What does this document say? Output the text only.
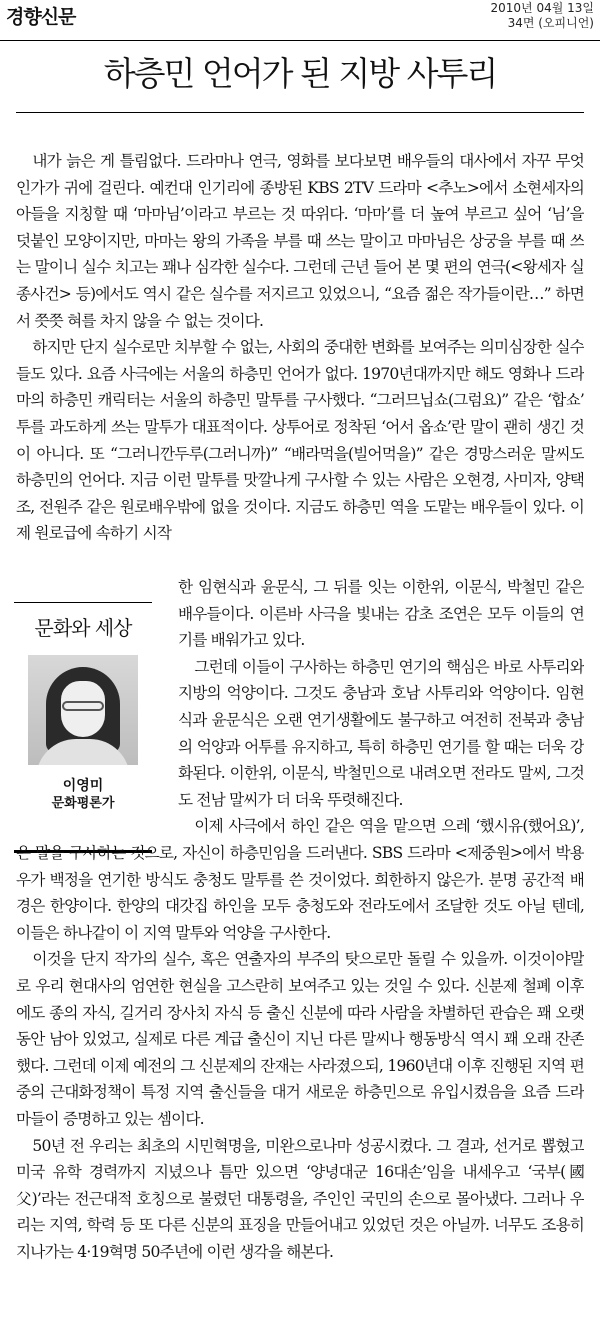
경향신문	2010년 04월 13일
34면 (오피니언)
하층민 언어가 된 지방 사투리

내가 늙은 게 틀림없다. 드라마나 연극, 영화를 보다보면 배우들의 대사에서 자꾸 무엇인가가 귀에 걸린다. 예컨대 인기리에 종방된 KBS 2TV 드라마 <추노>에서 소현세자의 아들을 지칭할 때 ‘마마님’이라고 부르는 것 따위다. ‘마마’를 더 높여 부르고 싶어 ‘님’을 덧붙인 모양이지만, 마마는 왕의 가족을 부를 때 쓰는 말이고 마마님은 상궁을 부를 때 쓰는 말이니 실수 치고는 꽤나 심각한 실수다. 그런데 근년 들어 본 몇 편의 연극(<왕세자 실종사건> 등)에서도 역시 같은 실수를 저지르고 있었으니, “요즘 젊은 작가들이란…” 하면서 쯧쯧 혀를 차지 않을 수 없는 것이다.

하지만 단지 실수로만 치부할 수 없는, 사회의 중대한 변화를 보여주는 의미심장한 실수들도 있다. 요즘 사극에는 서울의 하층민 언어가 없다. 1970년대까지만 해도 영화나 드라마의 하층민 캐릭터는 서울의 하층민 말투를 구사했다. “그러므닙쇼(그럼요)” 같은 ‘합쇼’ 투를 과도하게 쓰는 말투가 대표적이다. 상투어로 정착된 ‘어서 옵쇼’란 말이 괜히 생긴 것이 아니다. 또 “그러니깐두루(그러니까)” “배라먹을(빌어먹을)” 같은 경망스러운 말씨도 하층민의 언어다. 지금 이런 말투를 맛깔나게 구사할 수 있는 사람은 오현경, 사미자, 양택조, 전원주 같은 원로배우밖에 없을 것이다. 지금도 하층민 역을 도맡는 배우들이 있다. 이제 원로급에 속하기 시작

문화와 세상
이영미
문화평론가

한 임현식과 윤문식, 그 뒤를 잇는 이한위, 이문식, 박철민 같은 배우들이다. 이른바 사극을 빛내는 감초 조연은 모두 이들의 연기를 배워가고 있다.

그런데 이들이 구사하는 하층민 연기의 핵심은 바로 사투리와 지방의 억양이다. 그것도 충남과 호남 사투리와 억양이다. 임현식과 윤문식은 오랜 연기생활에도 불구하고 여전히 전북과 충남의 억양과 어투를 유지하고, 특히 하층민 연기를 할 때는 더욱 강화된다. 이한위, 이문식, 박철민으로 내려오면 전라도 말씨, 그것도 전남 말씨가 더 더욱 뚜렷해진다.

이제 사극에서 하인 같은 역을 맡으면 으레 ‘했시유(했어요)’,

은 말을 구사하는 것으로, 자신이 하층민임을 드러낸다. SBS 드라마 <제중원>에서 박용우가 백정을 연기한 방식도 충청도 말투를 쓴 것이었다. 희한하지 않은가. 분명 공간적 배경은 한양이다. 한양의 대갓집 하인을 모두 충청도와 전라도에서 조달한 것도 아닐 텐데, 이들은 하나같이 이 지역 말투와 억양을 구사한다.

이것을 단지 작가의 실수, 혹은 연출자의 부주의 탓으로만 돌릴 수 있을까. 이것이야말로 우리 현대사의 엄연한 현실을 고스란히 보여주고 있는 것일 수 있다. 신분제 철폐 이후에도 종의 자식, 길거리 장사치 자식 등 출신 신분에 따라 사람을 차별하던 관습은 꽤 오랫동안 남아 있었고, 실제로 다른 계급 출신이 지닌 다른 말씨나 행동방식 역시 꽤 오래 잔존했다. 그런데 이제 예전의 그 신분제의 잔재는 사라졌으되, 1960년대 이후 진행된 지역 편중의 근대화정책이 특정 지역 출신들을 대거 새로운 하층민으로 유입시켰음을 요즘 드라마들이 증명하고 있는 셈이다.

50년 전 우리는 최초의 시민혁명을, 미완으로나마 성공시켰다. 그 결과, 선거로 뽑혔고 미국 유학 경력까지 지녔으나 틈만 있으면 ‘양녕대군 16대손’임을 내세우고 ‘국부(國父)’라는 전근대적 호칭으로 불렸던 대통령을, 주인인 국민의 손으로 몰아냈다. 그러나 우리는 지역, 학력 등 또 다른 신분의 표징을 만들어내고 있었던 것은 아닐까. 너무도 조용히 지나가는 4·19혁명 50주년에 이런 생각을 해본다.
